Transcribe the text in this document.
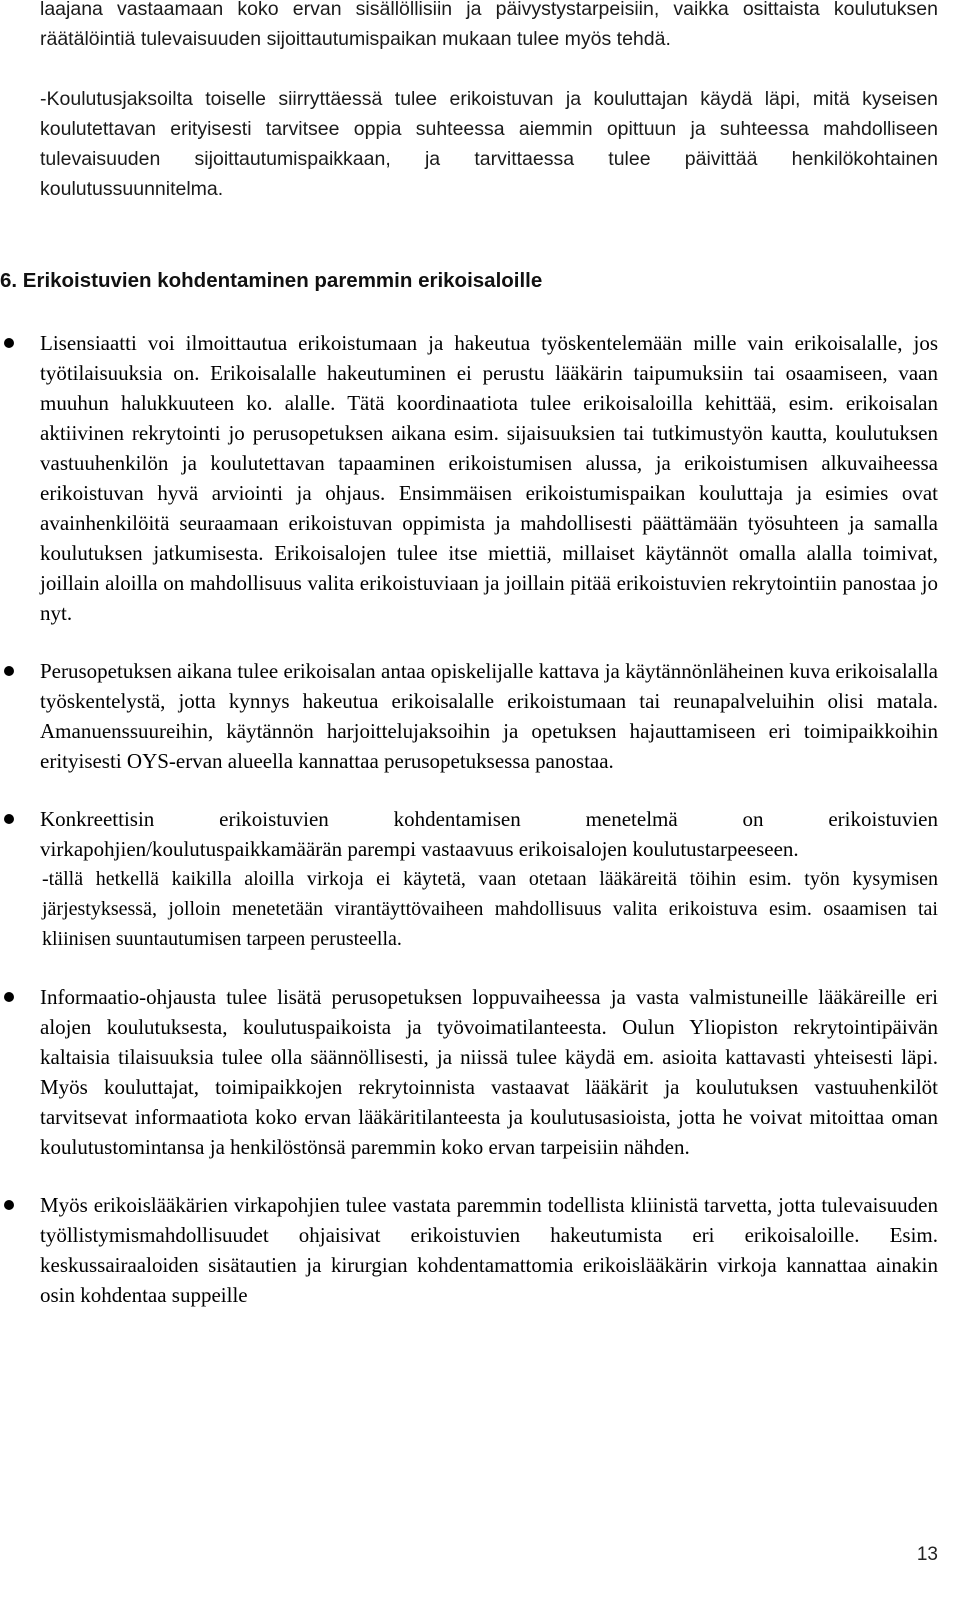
laajana vastaamaan koko ervan sisällöllisiin ja päivystystarpeisiin, vaikka osittaista koulutuksen räätälöintiä tulevaisuuden sijoittautumispaikan mukaan tulee myös tehdä.
-Koulutusjaksoilta toiselle siirryttäessä tulee erikoistuvan ja kouluttajan käydä läpi, mitä kyseisen koulutettavan erityisesti tarvitsee oppia suhteessa aiemmin opittuun ja suhteessa mahdolliseen tulevaisuuden sijoittautumispaikkaan, ja tarvittaessa tulee päivittää henkilökohtainen koulutussuunnitelma.
6. Erikoistuvien kohdentaminen paremmin erikoisaloille
Lisensiaatti voi ilmoittautua erikoistumaan ja hakeutua työskentelemään mille vain erikoisalalle, jos työtilaisuuksia on. Erikoisalalle hakeutuminen ei perustu lääkärin taipumuksiin tai osaamiseen, vaan muuhun halukkuuteen ko. alalle. Tätä koordinaatiota tulee erikoisaloilla kehittää, esim. erikoisalan aktiivinen rekrytointi jo perusopetuksen aikana esim. sijaisuuksien tai tutkimustyön kautta, koulutuksen vastuuhenkilön ja koulutettavan tapaaminen erikoistumisen alussa, ja erikoistumisen alkuvaiheessa erikoistuvan hyvä arviointi ja ohjaus. Ensimmäisen erikoistumispaikan kouluttaja ja esimies ovat avainhenkilöitä seuraamaan erikoistuvan oppimista ja mahdollisesti päättämään työsuhteen ja samalla koulutuksen jatkumisesta. Erikoisalojen tulee itse miettiä, millaiset käytännöt omalla alalla toimivat, joillain aloilla on mahdollisuus valita erikoistuviaan ja joillain pitää erikoistuvien rekrytointiin panostaa jo nyt.
Perusopetuksen aikana tulee erikoisalan antaa opiskelijalle kattava ja käytännönläheinen kuva erikoisalalla työskentelystä, jotta kynnys hakeutua erikoisalalle erikoistumaan tai reunapalveluihin olisi matala. Amanuenssuureihin, käytännön harjoittelujaksoihin ja opetuksen hajauttamiseen eri toimipaikkoihin erityisesti OYS-ervan alueella kannattaa perusopetuksessa panostaa.
Konkreettisin erikoistuvien kohdentamisen menetelmä on erikoistuvien virkapohjien/koulutuspaikkamäärän parempi vastaavuus erikoisalojen koulutustarpeeseen.
-tällä hetkellä kaikilla aloilla virkoja ei käytetä, vaan otetaan lääkäreitä töihin esim. työn kysymisen järjestyksessä, jolloin menetetään virantäyttövaiheen mahdollisuus valita erikoistuva esim. osaamisen tai kliinisen suuntautumisen tarpeen perusteella.
Informaatio-ohjausta tulee lisätä perusopetuksen loppuvaiheessa ja vasta valmistuneille lääkäreille eri alojen koulutuksesta, koulutuspaikoista ja työvoimatilanteesta. Oulun Yliopiston rekrytointipäivän kaltaisia tilaisuuksia tulee olla säännöllisesti, ja niissä tulee käydä em. asioita kattavasti yhteisesti läpi. Myös kouluttajat, toimipaikkojen rekrytoinnista vastaavat lääkärit ja koulutuksen vastuuhenkilöt tarvitsevat informaatiota koko ervan lääkäritilanteesta ja koulutusasioista, jotta he voivat mitoittaa oman koulutustomintansa ja henkilöstönsä paremmin koko ervan tarpeisiin nähden.
Myös erikoislääkärien virkapohjien tulee vastata paremmin todellista kliinistä tarvetta, jotta tulevaisuuden työllistymismahdollisuudet ohjaisivat erikoistuvien hakeutumista eri erikoisaloille. Esim. keskussairaaloiden sisätautien ja kirurgian kohdentamattomia erikoislääkärin virkoja kannattaa ainakin osin kohdentaa suppeille
13
